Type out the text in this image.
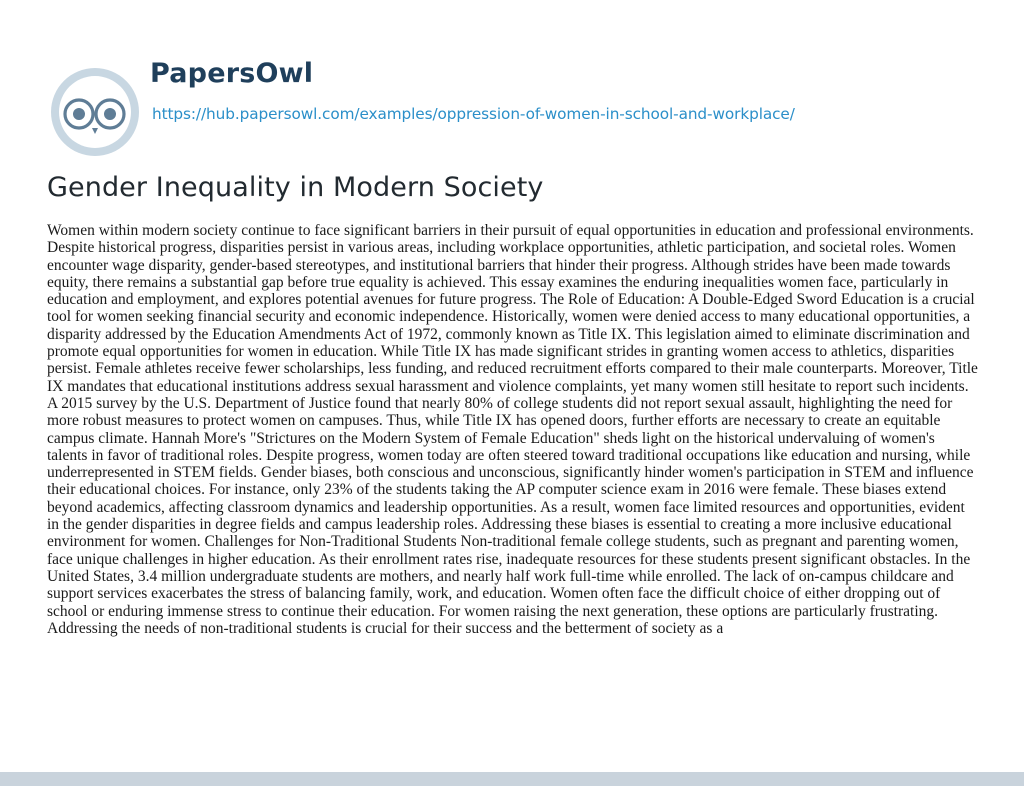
PapersOwl
https://hub.papersowl.com/examples/oppression-of-women-in-school-and-workplace/
Gender Inequality in Modern Society

Women within modern society continue to face significant barriers in their pursuit of equal opportunities in education and professional environments. Despite historical progress, disparities persist in various areas, including workplace opportunities, athletic participation, and societal roles. Women encounter wage disparity, gender-based stereotypes, and institutional barriers that hinder their progress. Although strides have been made towards equity, there remains a substantial gap before true equality is achieved. This essay examines the enduring inequalities women face, particularly in education and employment, and explores potential avenues for future progress. The Role of Education: A Double-Edged Sword Education is a crucial tool for women seeking financial security and economic independence. Historically, women were denied access to many educational opportunities, a disparity addressed by the Education Amendments Act of 1972, commonly known as Title IX. This legislation aimed to eliminate discrimination and promote equal opportunities for women in education. While Title IX has made significant strides in granting women access to athletics, disparities persist. Female athletes receive fewer scholarships, less funding, and reduced recruitment efforts compared to their male counterparts. Moreover, Title IX mandates that educational institutions address sexual harassment and violence complaints, yet many women still hesitate to report such incidents. A 2015 survey by the U.S. Department of Justice found that nearly 80% of college students did not report sexual assault, highlighting the need for more robust measures to protect women on campuses. Thus, while Title IX has opened doors, further efforts are necessary to create an equitable campus climate. Hannah More's "Strictures on the Modern System of Female Education" sheds light on the historical undervaluing of women's talents in favor of traditional roles. Despite progress, women today are often steered toward traditional occupations like education and nursing, while underrepresented in STEM fields. Gender biases, both conscious and unconscious, significantly hinder women's participation in STEM and influence their educational choices. For instance, only 23% of the students taking the AP computer science exam in 2016 were female. These biases extend beyond academics, affecting classroom dynamics and leadership opportunities. As a result, women face limited resources and opportunities, evident in the gender disparities in degree fields and campus leadership roles. Addressing these biases is essential to creating a more inclusive educational environment for women. Challenges for Non-Traditional Students Non-traditional female college students, such as pregnant and parenting women, face unique challenges in higher education. As their enrollment rates rise, inadequate resources for these students present significant obstacles. In the United States, 3.4 million undergraduate students are mothers, and nearly half work full-time while enrolled. The lack of on-campus childcare and support services exacerbates the stress of balancing family, work, and education. Women often face the difficult choice of either dropping out of school or enduring immense stress to continue their education. For women raising the next generation, these options are particularly frustrating. Addressing the needs of non-traditional students is crucial for their success and the betterment of society as a
